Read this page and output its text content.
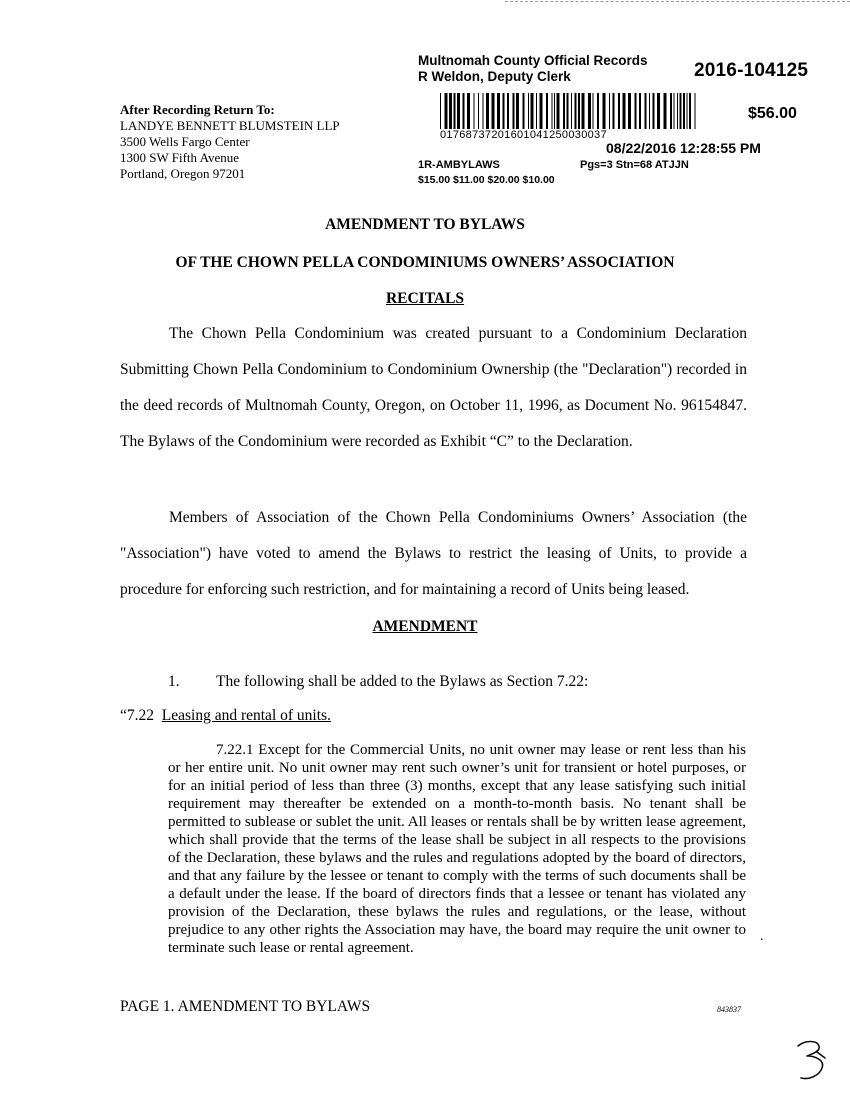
Multnomah County Official Records
R Weldon, Deputy Clerk	2016-104125
01768737201601041250030037
$56.00
08/22/2016 12:28:55 PM
1R-AMBYLAWS	Pgs=3 Stn=68 ATJJN
$15.00 $11.00 $20.00 $10.00
After Recording Return To:
LANDYE BENNETT BLUMSTEIN LLP
3500 Wells Fargo Center
1300 SW Fifth Avenue
Portland, Oregon 97201
AMENDMENT TO BYLAWS
OF THE CHOWN PELLA CONDOMINIUMS OWNERS’ ASSOCIATION
RECITALS

The Chown Pella Condominium was created pursuant to a Condominium Declaration Submitting Chown Pella Condominium to Condominium Ownership (the "Declaration") recorded in the deed records of Multnomah County, Oregon, on October 11, 1996, as Document No. 96154847. The Bylaws of the Condominium were recorded as Exhibit “C” to the Declaration.

Members of Association of the Chown Pella Condominiums Owners’ Association (the "Association") have voted to amend the Bylaws to restrict the leasing of Units, to provide a procedure for enforcing such restriction, and for maintaining a record of Units being leased.

AMENDMENT
1. The following shall be added to the Bylaws as Section 7.22:
“7.22 Leasing and rental of units.

7.22.1 Except for the Commercial Units, no unit owner may lease or rent less than his or her entire unit. No unit owner may rent such owner’s unit for transient or hotel purposes, or for an initial period of less than three (3) months, except that any lease satisfying such initial requirement may thereafter be extended on a month-to-month basis. No tenant shall be permitted to sublease or sublet the unit. All leases or rentals shall be by written lease agreement, which shall provide that the terms of the lease shall be subject in all respects to the provisions of the Declaration, these bylaws and the rules and regulations adopted by the board of directors, and that any failure by the lessee or tenant to comply with the terms of such documents shall be a default under the lease. If the board of directors finds that a lessee or tenant has violated any provision of the Declaration, these bylaws the rules and regulations, or the lease, without prejudice to any other rights the Association may have, the board may require the unit owner to terminate such lease or rental agreement.

.
PAGE 1. AMENDMENT TO BYLAWS	843837
